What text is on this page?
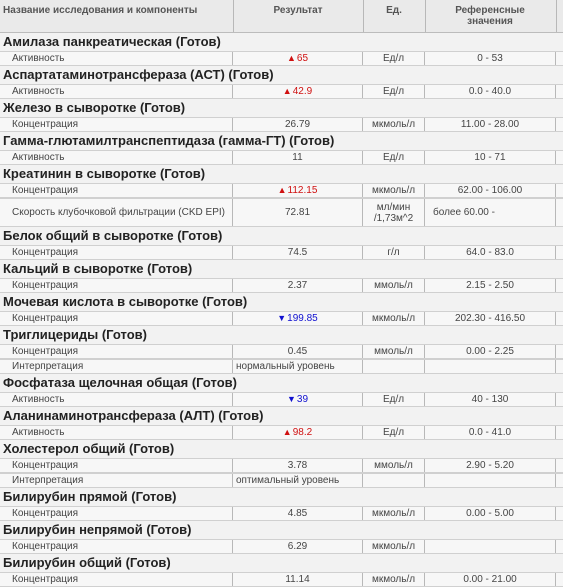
Название исследования и компоненты	Результат	Ед.	Референсные значения
Амилаза панкреатическая (Готов)
Активность	▲ 65	Ед/л	0 - 53
Аспартатаминотрансфераза (АСТ) (Готов)
Активность	▲ 42.9	Ед/л	0.0 - 40.0
Железо в сыворотке (Готов)
Концентрация	26.79	мкмоль/л	11.00 - 28.00
Гамма-глютамилтранспептидаза (гамма-ГТ) (Готов)
Активность	11	Ед/л	10 - 71
Креатинин в сыворотке (Готов)
Концентрация	▲ 112.15	мкмоль/л	62.00 - 106.00
Скорость клубочковой фильтрации (CKD EPI)	72.81	мл/мин /1,73м^2	более 60.00 -
Белок общий в сыворотке (Готов)
Концентрация	74.5	г/л	64.0 - 83.0
Кальций в сыворотке (Готов)
Концентрация	2.37	ммоль/л	2.15 - 2.50
Мочевая кислота в сыворотке (Готов)
Концентрация	▼ 199.85	мкмоль/л	202.30 - 416.50
Триглицериды (Готов)
Концентрация	0.45	ммоль/л	0.00 - 2.25
Интерпретация	нормальный уровень
Фосфатаза щелочная общая (Готов)
Активность	▼ 39	Ед/л	40 - 130
Аланинаминотрансфераза (АЛТ) (Готов)
Активность	▲ 98.2	Ед/л	0.0 - 41.0
Холестерол общий (Готов)
Концентрация	3.78	ммоль/л	2.90 - 5.20
Интерпретация	оптимальный уровень
Билирубин прямой (Готов)
Концентрация	4.85	мкмоль/л	0.00 - 5.00
Билирубин непрямой (Готов)
Концентрация	6.29	мкмоль/л
Билирубин общий (Готов)
Концентрация	11.14	мкмоль/л	0.00 - 21.00
